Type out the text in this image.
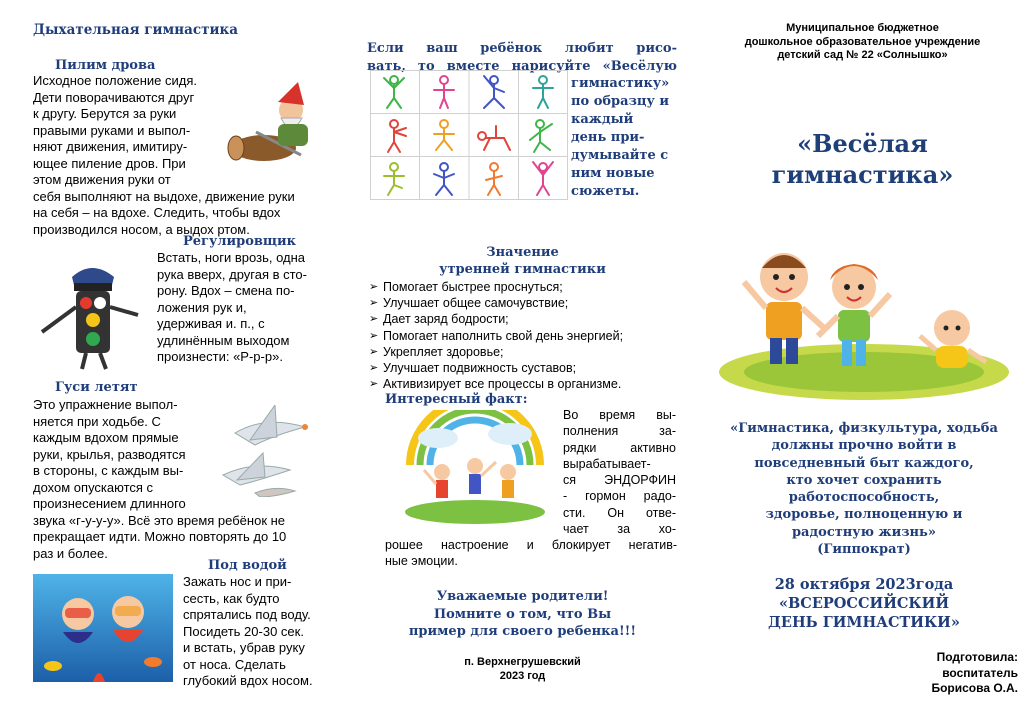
Дыхательная гимнастика
Пилим дрова
Исходное положение сидя.
Дети поворачиваются друг
к другу. Берутся за руки
правыми руками и выпол-
няют движения, имитиру-
ющее пиление дров. При
этом движения руки от
себя выполняют на выдохе, движение руки
на себя – на вдохе. Следить, чтобы вдох
производился носом, а выдох ртом.
Регулировщик
Встать, ноги врозь, одна
рука вверх, другая в сто-
рону. Вдох – смена по-
ложения рук и,
удерживая и. п., с
удлинённым выходом
произнести: «Р-р-р».
Гуси летят
Это упражнение выпол-
няется при ходьбе. С
каждым вдохом прямые
руки, крылья, разводятся
в стороны, с каждым вы-
дохом опускаются с
произнесением длинного
звука «г-у-у-у». Всё это время ребёнок не
прекращает идти. Можно повторять до 10
раз и более.
Под водой
Зажать нос и при-
сесть, как будто
спрятались под воду.
Посидеть 20-30 сек.
и встать, убрав руку
от носа. Сделать
глубокий вдох носом.
Если ваш ребёнок любит рисо-
вать, то вместе нарисуйте «Весёлую
гимнастику»
по образцу и
каждый
день при-
думывайте с
ним новые
сюжеты.
Значение
утренней гимнастики
➢ Помогает быстрее проснуться;
➢ Улучшает общее самочувствие;
➢ Дает заряд бодрости;
➢ Помогает наполнить свой день энергией;
➢ Укрепляет здоровье;
➢ Улучшает подвижность суставов;
➢ Активизирует все процессы в организме.
Интересный факт:
Во время вы-
полнения за-
рядки активно
вырабатывает-
ся ЭНДОРФИН
- гормон радо-
сти. Он отве-
чает за хо-
рошее настроение и блокирует негатив-
ные эмоции.
Уважаемые родители!
Помните о том, что Вы
пример для своего ребенка!!!
п. Верхнегрушевский
2023 год
Муниципальное бюджетное
дошкольное образовательное учреждение
детский сад № 22 «Солнышко»
«Весёлая
гимнастика»
«Гимнастика, физкультура, ходьба
должны прочно войти в
повседневный быт каждого,
кто хочет сохранить
работоспособность,
здоровье, полноценную и
радостную жизнь»
(Гиппократ)
28 октября 2023года
«ВСЕРОССИЙСКИЙ
ДЕНЬ ГИМНАСТИКИ»
Подготовила:
воспитатель
Борисова О.А.
